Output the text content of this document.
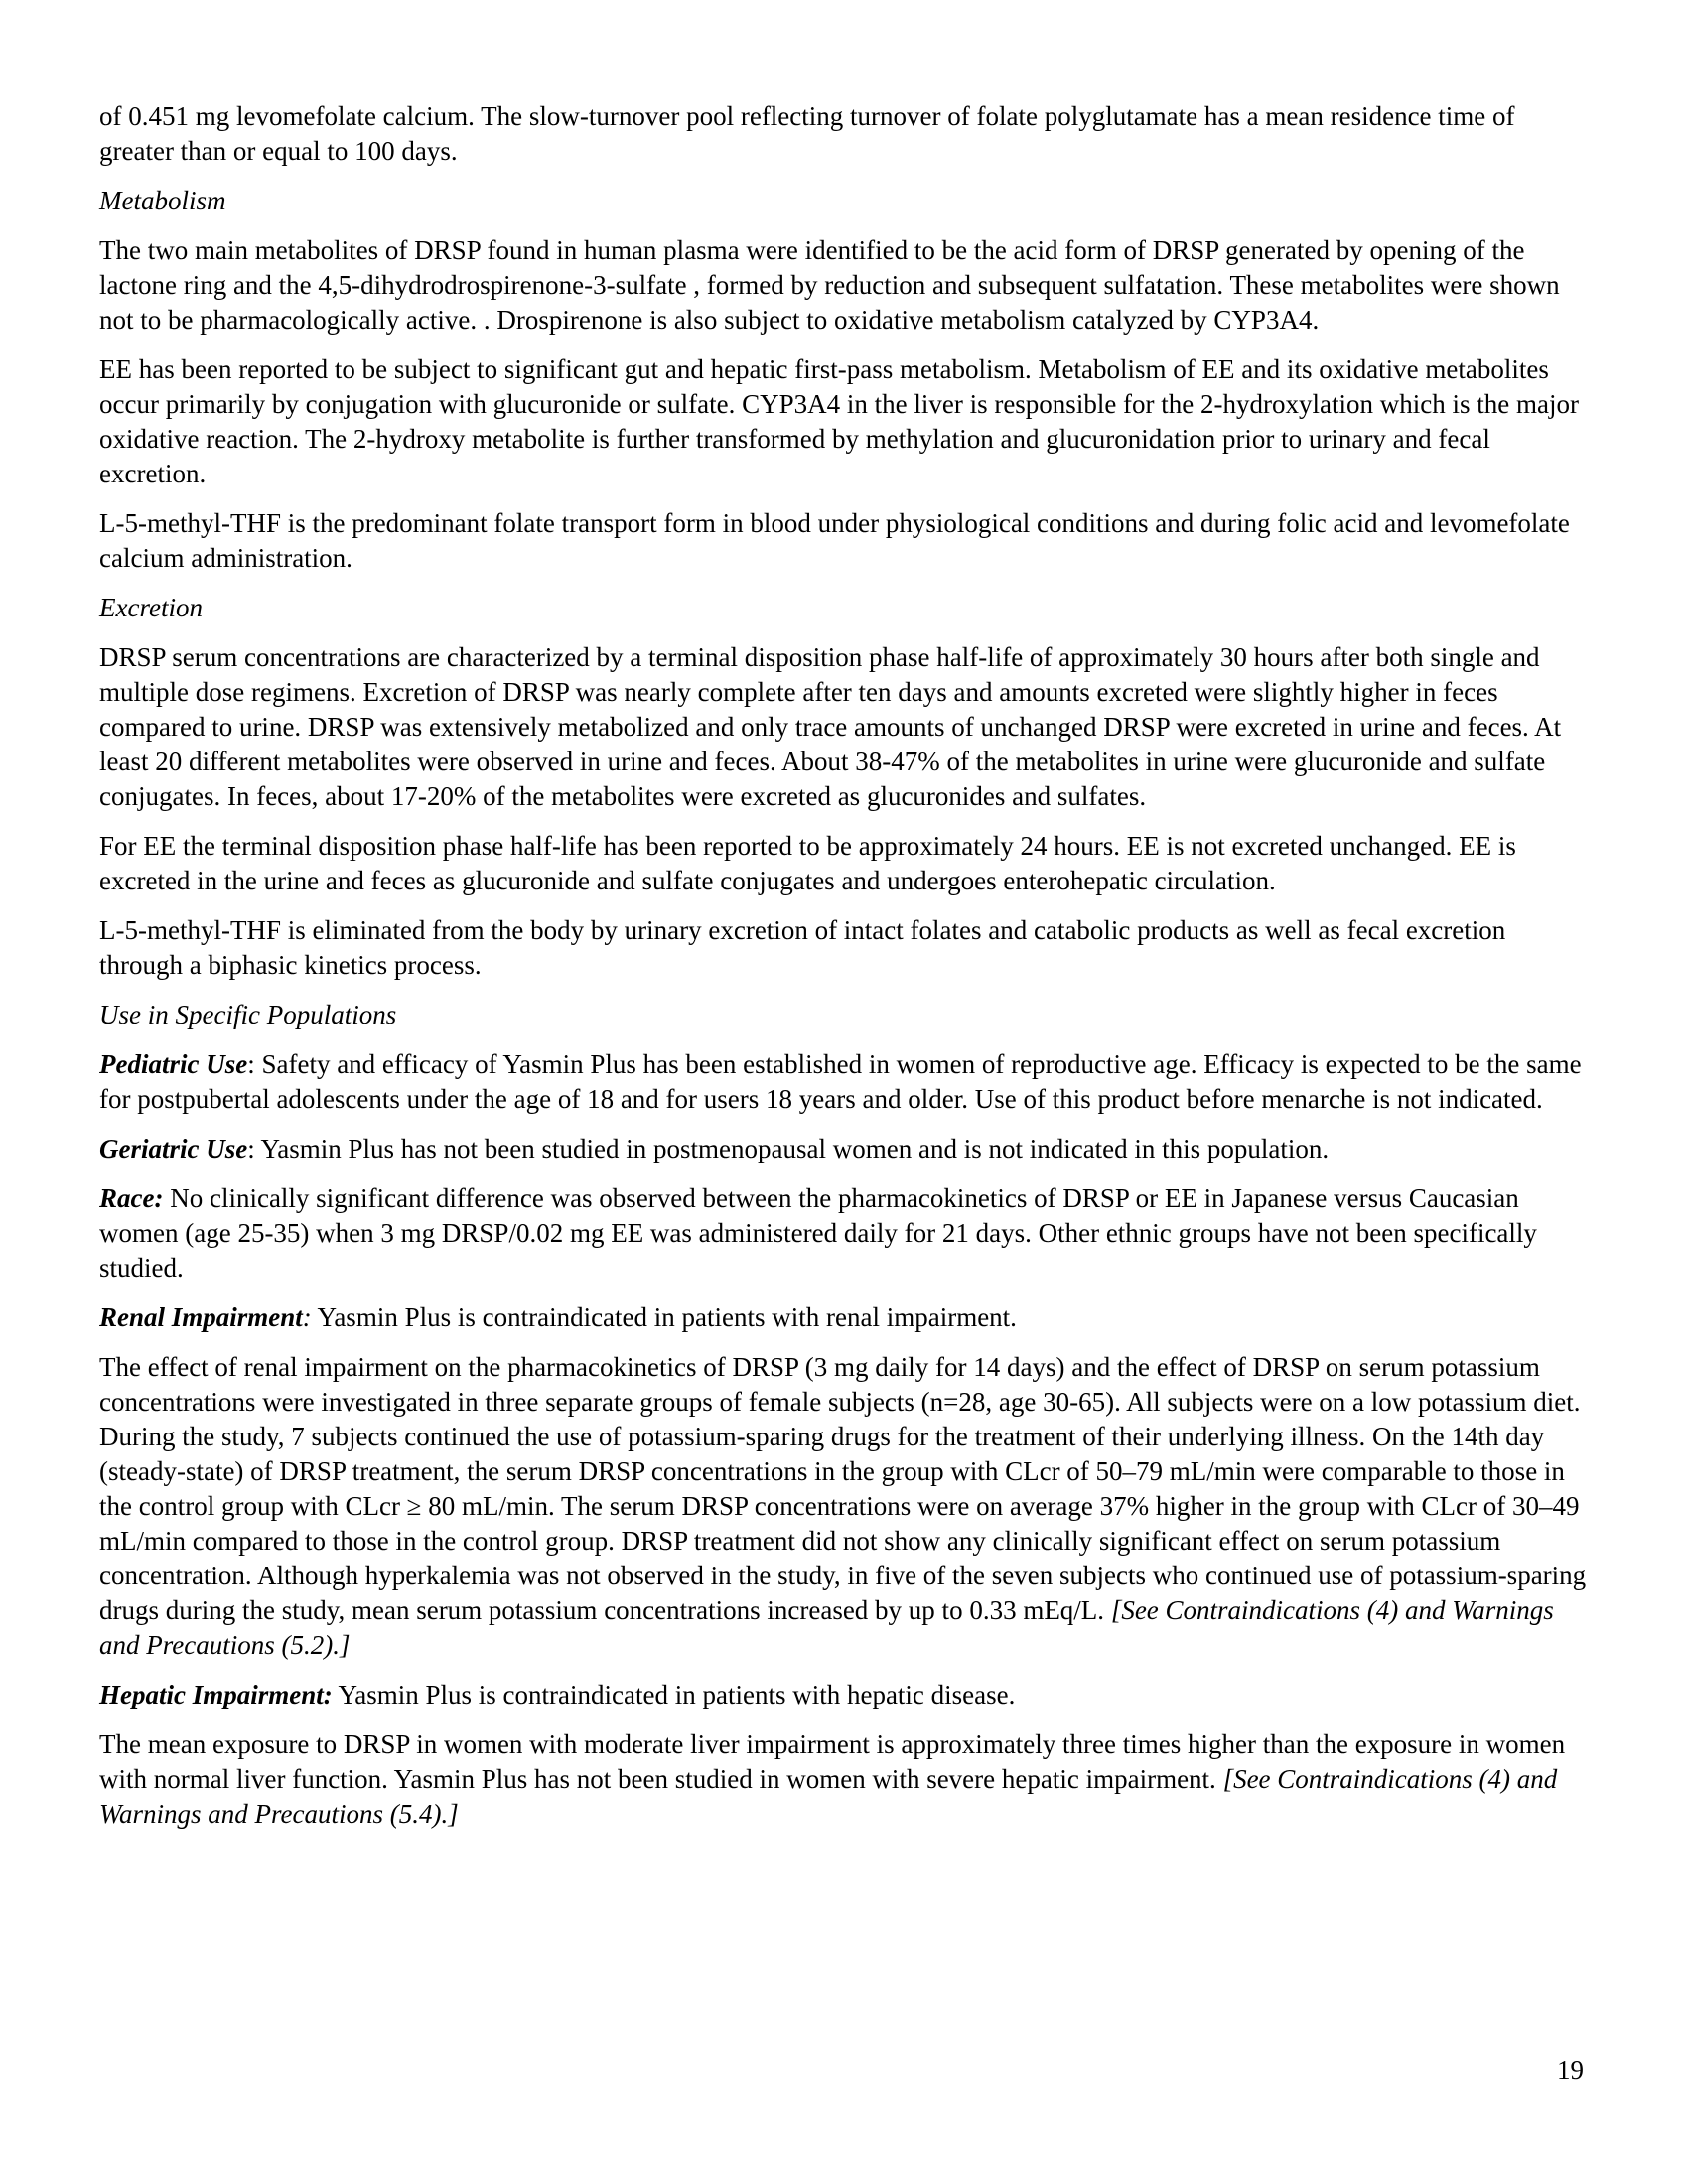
of 0.451 mg levomefolate calcium. The slow-turnover pool reflecting turnover of folate polyglutamate has a mean residence time of greater than or equal to 100 days.

Metabolism

The two main metabolites of DRSP found in human plasma were identified to be the acid form of DRSP generated by opening of the lactone ring and the 4,5-dihydrodrospirenone-3-sulfate , formed by reduction and subsequent sulfatation. These metabolites were shown not to be pharmacologically active. . Drospirenone is also subject to oxidative metabolism catalyzed by CYP3A4.

EE has been reported to be subject to significant gut and hepatic first-pass metabolism. Metabolism of EE and its oxidative metabolites occur primarily by conjugation with glucuronide or sulfate. CYP3A4 in the liver is responsible for the 2-hydroxylation which is the major oxidative reaction. The 2-hydroxy metabolite is further transformed by methylation and glucuronidation prior to urinary and fecal excretion.

L-5-methyl-THF is the predominant folate transport form in blood under physiological conditions and during folic acid and levomefolate calcium administration.

Excretion

DRSP serum concentrations are characterized by a terminal disposition phase half-life of approximately 30 hours after both single and multiple dose regimens. Excretion of DRSP was nearly complete after ten days and amounts excreted were slightly higher in feces compared to urine. DRSP was extensively metabolized and only trace amounts of unchanged DRSP were excreted in urine and feces. At least 20 different metabolites were observed in urine and feces. About 38-47% of the metabolites in urine were glucuronide and sulfate conjugates. In feces, about 17-20% of the metabolites were excreted as glucuronides and sulfates.

For EE the terminal disposition phase half-life has been reported to be approximately 24 hours. EE is not excreted unchanged. EE is excreted in the urine and feces as glucuronide and sulfate conjugates and undergoes enterohepatic circulation.

L-5-methyl-THF is eliminated from the body by urinary excretion of intact folates and catabolic products as well as fecal excretion through a biphasic kinetics process.

Use in Specific Populations

Pediatric Use: Safety and efficacy of Yasmin Plus has been established in women of reproductive age. Efficacy is expected to be the same for postpubertal adolescents under the age of 18 and for users 18 years and older. Use of this product before menarche is not indicated.

Geriatric Use: Yasmin Plus has not been studied in postmenopausal women and is not indicated in this population.

Race: No clinically significant difference was observed between the pharmacokinetics of DRSP or EE in Japanese versus Caucasian women (age 25-35) when 3 mg DRSP/0.02 mg EE was administered daily for 21 days. Other ethnic groups have not been specifically studied.

Renal Impairment: Yasmin Plus is contraindicated in patients with renal impairment.

The effect of renal impairment on the pharmacokinetics of DRSP (3 mg daily for 14 days) and the effect of DRSP on serum potassium concentrations were investigated in three separate groups of female subjects (n=28, age 30-65). All subjects were on a low potassium diet. During the study, 7 subjects continued the use of potassium-sparing drugs for the treatment of their underlying illness. On the 14th day (steady-state) of DRSP treatment, the serum DRSP concentrations in the group with CLcr of 50–79 mL/min were comparable to those in the control group with CLcr ≥ 80 mL/min. The serum DRSP concentrations were on average 37% higher in the group with CLcr of 30–49 mL/min compared to those in the control group. DRSP treatment did not show any clinically significant effect on serum potassium concentration. Although hyperkalemia was not observed in the study, in five of the seven subjects who continued use of potassium-sparing drugs during the study, mean serum potassium concentrations increased by up to 0.33 mEq/L. [See Contraindications (4) and Warnings and Precautions (5.2).]

Hepatic Impairment: Yasmin Plus is contraindicated in patients with hepatic disease.

The mean exposure to DRSP in women with moderate liver impairment is approximately three times higher than the exposure in women with normal liver function. Yasmin Plus has not been studied in women with severe hepatic impairment. [See Contraindications (4) and Warnings and Precautions (5.4).]

19
